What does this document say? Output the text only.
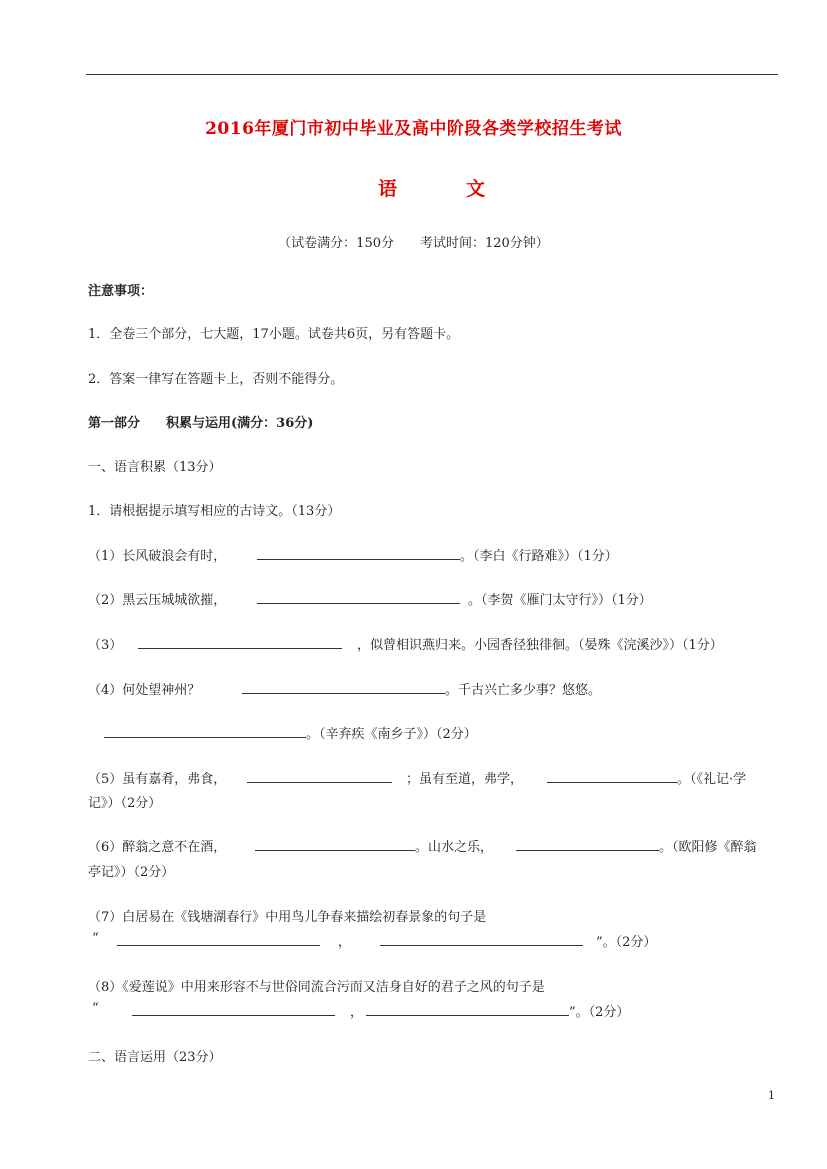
2016年厦门市初中毕业及高中阶段各类学校招生考试
语	文
（试卷满分：150分　　考试时间：120分钟）
注意事项：
1．全卷三个部分，七大题，17小题。试卷共6页，另有答题卡。
2．答案一律写在答题卡上，否则不能得分。
第一部分　　积累与运用(满分：36分)
一、语言积累（13分）
1．请根据提示填写相应的古诗文。（13分）
（1）长风破浪会有时，	。（李白《行路难》）（1分）
（2）黑云压城城欲摧，	。（李贺《雁门太守行》）（1分）
（3）	，似曾相识燕归来。小园香径独徘徊。（晏殊《浣溪沙》）（1分）
（4）何处望神州？	。千古兴亡多少事？悠悠。
。（辛弃疾《南乡子》）（2分）
（5）虽有嘉肴，弗食，	；虽有至道，弗学，	。（《礼记·学
记》）（2分）
（6）醉翁之意不在酒，	。山水之乐，	。（欧阳修《醉翁
亭记》）（2分）
（7）白居易在《钱塘湖春行》中用鸟儿争春来描绘初春景象的句子是
“	，	”。（2分）
（8）《爱莲说》中用来形容不与世俗同流合污而又洁身自好的君子之风的句子是
“	，	”。（2分）
二、语言运用（23分）
1
